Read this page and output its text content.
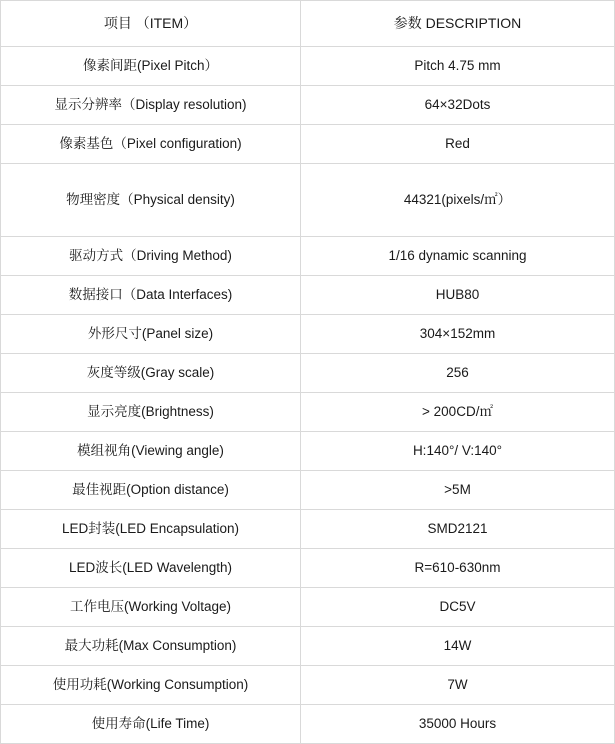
项目 （ITEM）	参数 DESCRIPTION
像素间距(Pixel Pitch）	Pitch 4.75 mm
显示分辨率（Display resolution)	64×32Dots
像素基色（Pixel configuration)	Red
物理密度（Physical density)	44321(pixels/㎡）
驱动方式（Driving Method)	1/16 dynamic scanning
数据接口（Data Interfaces)	HUB80
外形尺寸(Panel size)	304×152mm
灰度等级(Gray scale)	256
显示亮度(Brightness)	> 200CD/㎡
模组视角(Viewing angle)	H:140°/ V:140°
最佳视距(Option distance)	>5M
LED封装(LED Encapsulation)	SMD2121
LED波长(LED Wavelength)	R=610-630nm
工作电压(Working Voltage)	DC5V
最大功耗(Max Consumption)	14W
使用功耗(Working Consumption)	7W
使用寿命(Life Time)	35000 Hours
